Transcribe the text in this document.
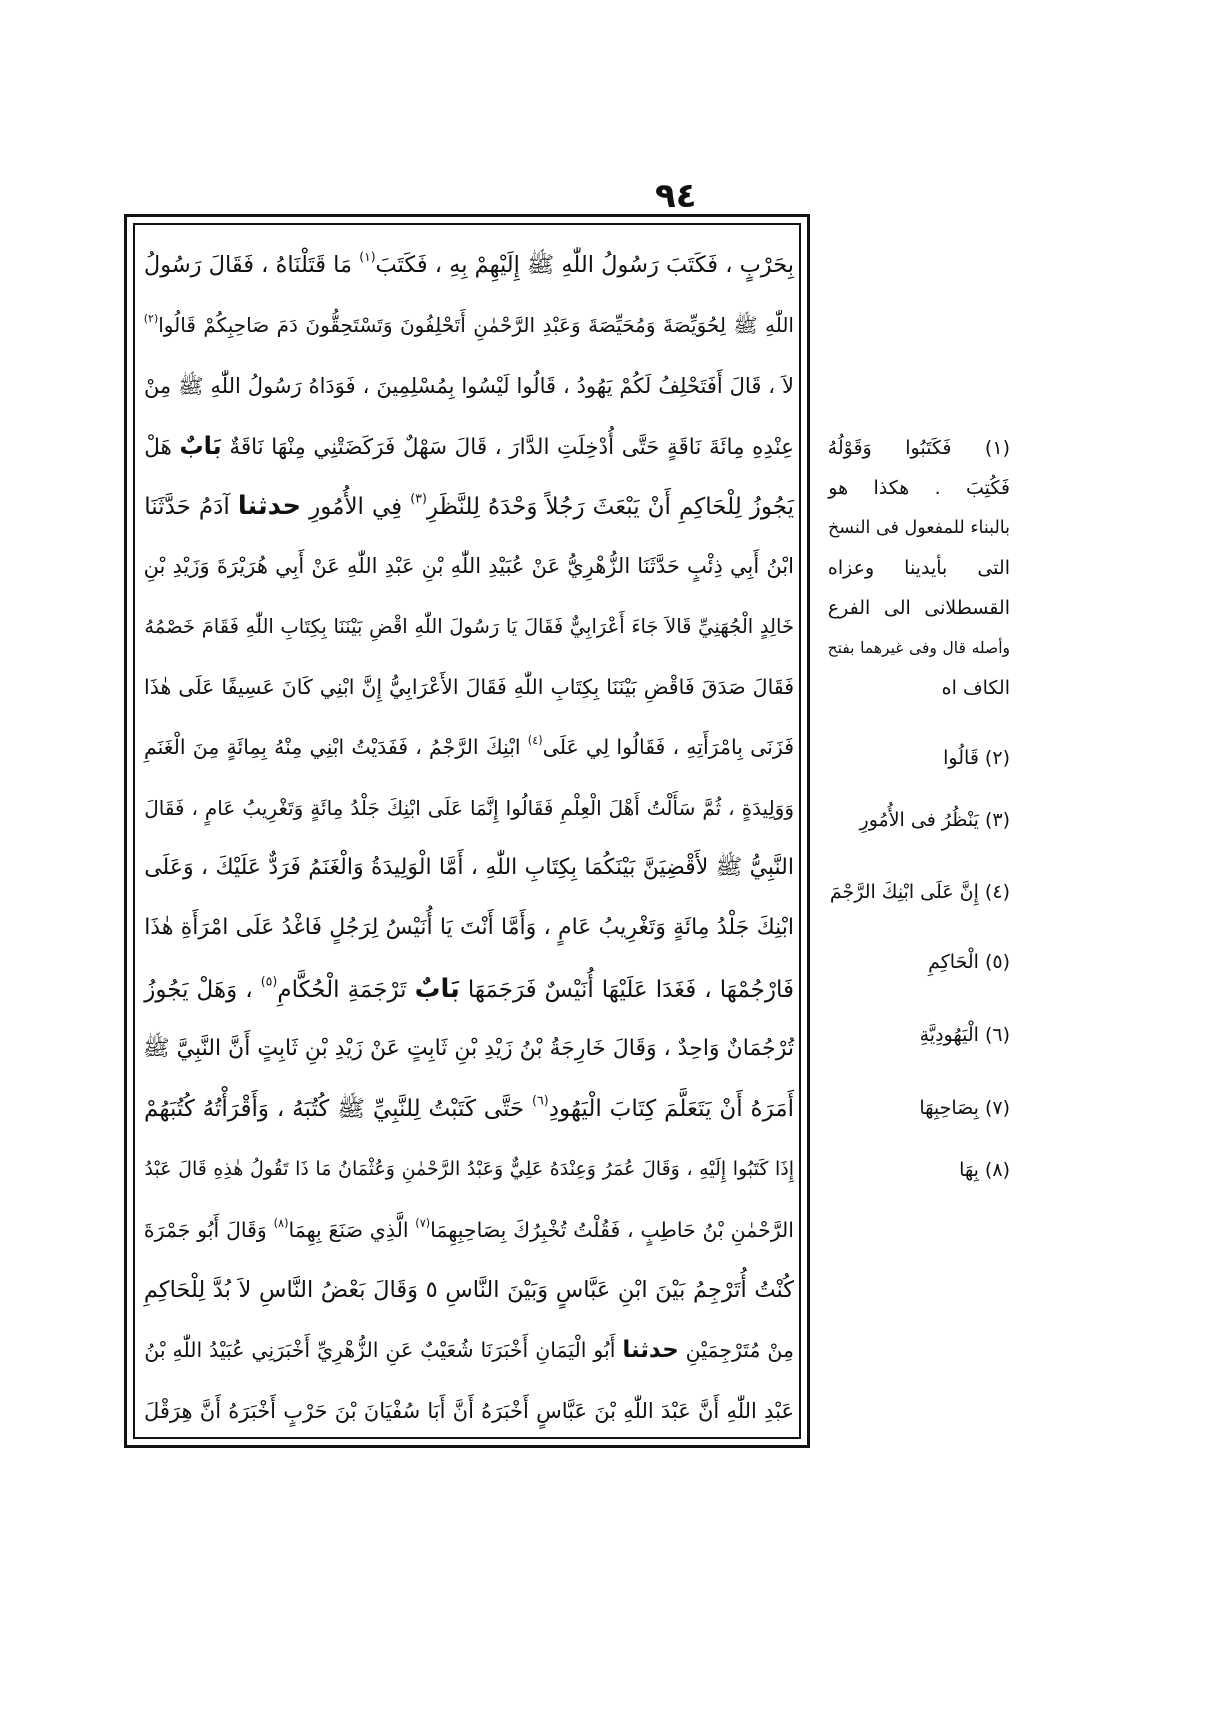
٩٤
بِحَرْبٍ ، فَكَتَبَ رَسُولُ اللّٰهِ ﷺ إِلَيْهِمْ بِهِ ، فَكَتَبَ$^{(١)}$ مَا قَتَلْنَاهُ ، فَقَالَ رَسُولُ
اللّٰهِ ﷺ لِحُوَيِّصَةَ وَمُحَيِّصَةَ وَعَبْدِ الرَّحْمٰنِ أَتَحْلِفُونَ وَتَسْتَحِقُّونَ دَمَ صَاحِبِكُمْ قَالُوا$^{(٢)}$
لاَ ، قَالَ أَفَتَحْلِفُ لَكُمْ يَهُودُ ، قَالُوا لَيْسُوا بِمُسْلِمِينَ ، فَوَدَاهُ رَسُولُ اللّٰهِ ﷺ مِنْ
عِنْدِهِ مِائَةَ نَاقَةٍ حَتَّى أُدْخِلَتِ الدَّارَ ، قَالَ سَهْلٌ فَرَكَضَتْنِي مِنْهَا نَاقَةٌ بَابٌ هَلْ
يَجُوزُ لِلْحَاكِمِ أَنْ يَبْعَثَ رَجُلاً وَحْدَهُ لِلنَّظَرِ$^{(٣)}$ فِي الأُمُورِ حدثنا آدَمُ حَدَّثَنَا
ابْنُ أَبِي ذِئْبٍ حَدَّثَنَا الزُّهْرِيُّ عَنْ عُبَيْدِ اللّٰهِ بْنِ عَبْدِ اللّٰهِ عَنْ أَبِي هُرَيْرَةَ وَزَيْدِ بْنِ
خَالِدٍ الْجُهَنِيِّ قَالاَ جَاءَ أَعْرَابِيٌّ فَقَالَ يَا رَسُولَ اللّٰهِ اقْضِ بَيْنَنَا بِكِتَابِ اللّٰهِ فَقَامَ خَصْمُهُ
فَقَالَ صَدَقَ فَاقْضِ بَيْنَنَا بِكِتَابِ اللّٰهِ فَقَالَ الأَعْرَابِيُّ إِنَّ ابْنِي كَانَ عَسِيفًا عَلَى هٰذَا
فَزَنَى بِامْرَأَتِهِ ، فَقَالُوا لِي عَلَى$^{(٤)}$ ابْنِكَ الرَّجْمُ ، فَفَدَيْتُ ابْنِي مِنْهُ بِمِائَةٍ مِنَ الْغَنَمِ
وَوَلِيدَةٍ ، ثُمَّ سَأَلْتُ أَهْلَ الْعِلْمِ فَقَالُوا إِنَّمَا عَلَى ابْنِكَ جَلْدُ مِائَةٍ وَتَغْرِيبُ عَامٍ ، فَقَالَ
النَّبِيُّ ﷺ لأَقْضِيَنَّ بَيْنَكُمَا بِكِتَابِ اللّٰهِ ، أَمَّا الْوَلِيدَةُ وَالْغَنَمُ فَرَدٌّ عَلَيْكَ ، وَعَلَى
ابْنِكَ جَلْدُ مِائَةٍ وَتَغْرِيبُ عَامٍ ، وَأَمَّا أَنْتَ يَا أُنَيْسُ لِرَجُلٍ فَاغْدُ عَلَى امْرَأَةِ هٰذَا
فَارْجُمْهَا ، فَغَدَا عَلَيْهَا أُنَيْسٌ فَرَجَمَهَا بَابٌ تَرْجَمَةِ الْحُكَّامِ$^{(٥)}$ ، وَهَلْ يَجُوزُ
تُرْجُمَانٌ وَاحِدٌ ، وَقَالَ خَارِجَةُ بْنُ زَيْدِ بْنِ ثَابِتٍ عَنْ زَيْدِ بْنِ ثَابِتٍ أَنَّ النَّبِيَّ ﷺ
أَمَرَهُ أَنْ يَتَعَلَّمَ كِتَابَ الْيَهُودِ$^{(٦)}$ حَتَّى كَتَبْتُ لِلنَّبِيِّ ﷺ كُتُبَهُ ، وَأَقْرَأْتُهُ كُتُبَهُمْ
إِذَا كَتَبُوا إِلَيْهِ ، وَقَالَ عُمَرُ وَعِنْدَهُ عَلِيٌّ وَعَبْدُ الرَّحْمٰنِ وَعُثْمَانُ مَا ذَا تَقُولُ هٰذِهِ قَالَ عَبْدُ
الرَّحْمٰنِ بْنُ حَاطِبٍ ، فَقُلْتُ تُخْبِرُكَ بِصَاحِبِهِمَا$^{(٧)}$ الَّذِي صَنَعَ بِهِمَا$^{(٨)}$ وَقَالَ أَبُو جَمْرَةَ
كُنْتُ أُتَرْجِمُ بَيْنَ ابْنِ عَبَّاسٍ وَبَيْنَ النَّاسِ ٥ وَقَالَ بَعْضُ النَّاسِ لاَ بُدَّ لِلْحَاكِمِ
مِنْ مُتَرْجِمَيْنِ حدثنا أَبُو الْيَمَانِ أَخْبَرَنَا شُعَيْبٌ عَنِ الزُّهْرِيِّ أَخْبَرَنِي عُبَيْدُ اللّٰهِ بْنُ
عَبْدِ اللّٰهِ أَنَّ عَبْدَ اللّٰهِ بْنَ عَبَّاسٍ أَخْبَرَهُ أَنَّ أَبَا سُفْيَانَ بْنَ حَرْبٍ أَخْبَرَهُ أَنَّ هِرَقْلَ
(١) فَكَتَبُوا وَقَوْلُهُ
فَكُتِبَ . هكذا هو
بالبناء للمفعول فى النسخ
التى بأيدينا وعزاه
القسطلانى الى الفرع
وأصله قال وفى غيرهما بفتح
الكاف اه
(٢) قَالُوا
(٣) يَنْظُرُ فى الأُمُورِ
(٤) إِنَّ عَلَى ابْنِكَ الرَّجْمَ
(٥) الْحَاكِمِ
(٦) الْيَهُودِيَّةِ
(٧) بِصَاحِبِهَا
(٨) بِهَا
